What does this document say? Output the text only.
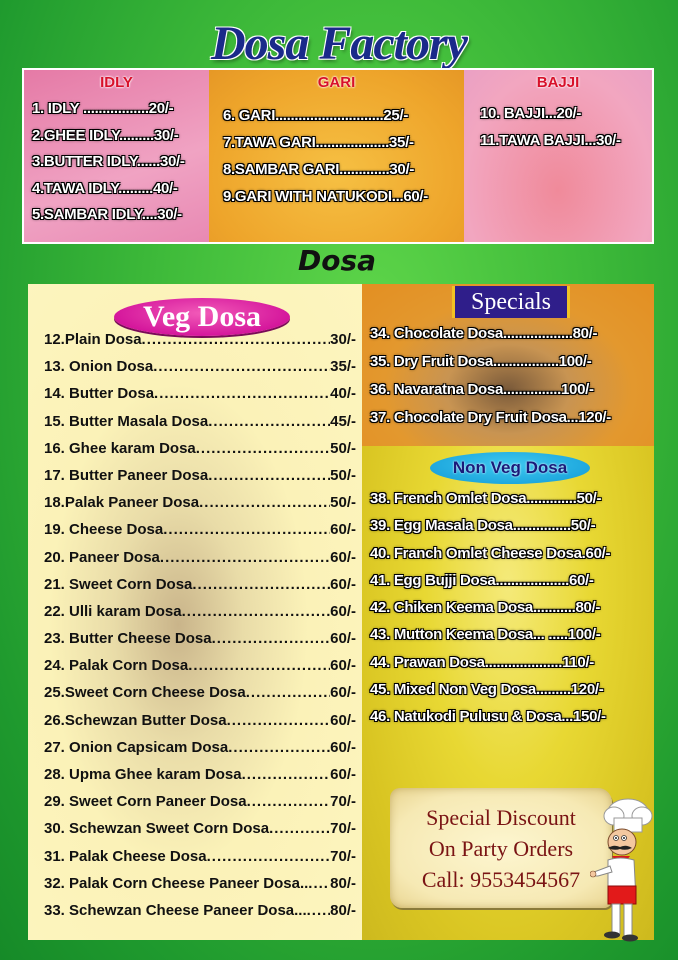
Dosa Factory
IDLY
1. IDLY .................20/-
2.GHEE IDLY.........30/-
3.BUTTER IDLY......30/-
4.TAWA IDLY.........40/-
5.SAMBAR IDLY....30/-
GARI
6. GARI............................25/-
7.TAWA GARI...................35/-
8.SAMBAR GARI.............30/-
9.GARI WITH NATUKODI...60/-
BAJJI
10. BAJJI...20/-
11.TAWA BAJJI...30/-
Dosa
Veg Dosa
12.Plain Dosa .....	30/-
13. Onion Dosa .....	35/-
14. Butter Dosa .....	40/-
15. Butter Masala Dosa .....	45/-
16. Ghee karam Dosa .....	50/-
17. Butter Paneer Dosa .....	50/-
18.Palak Paneer Dosa .....	50/-
19. Cheese Dosa .....	60/-
20. Paneer Dosa .....	60/-
21. Sweet Corn Dosa .....	60/-
22. Ulli karam Dosa .....	60/-
23. Butter Cheese Dosa .....	60/-
24. Palak Corn Dosa .....	60/-
25.Sweet Corn Cheese Dosa .....	60/-
26.Schewzan Butter Dosa .....	60/-
27. Onion Capsicam Dosa .....	60/-
28. Upma Ghee karam Dosa .....	60/-
29. Sweet Corn Paneer Dosa .....	70/-
30. Schewzan Sweet Corn Dosa .....	70/-
31. Palak Cheese Dosa .....	70/-
32. Palak Corn Cheese Paneer Dosa.. ..... 80/-
33. Schewzan Cheese Paneer Dosa... ..... 80/-
Specials
34. Chocolate Dosa..................80/-
35. Dry Fruit Dosa.................100/-
36. Navaratna Dosa...............100/-
37. Chocolate Dry Fruit Dosa...120/-
Non Veg Dosa
38. French Omlet Dosa.............50/-
39. Egg Masala Dosa...............50/-
40. Franch Omlet Cheese Dosa.60/-
41. Egg Bujji Dosa...................60/-
42. Chiken Keema Dosa...........80/-
43. Mutton Keema Dosa... .....100/-
44. Prawan Dosa....................110/-
45. Mixed Non Veg Dosa.........120/-
46. Natukodi Pulusu & Dosa...150/-
Special Discount
On Party Orders
Call: 9553454567
